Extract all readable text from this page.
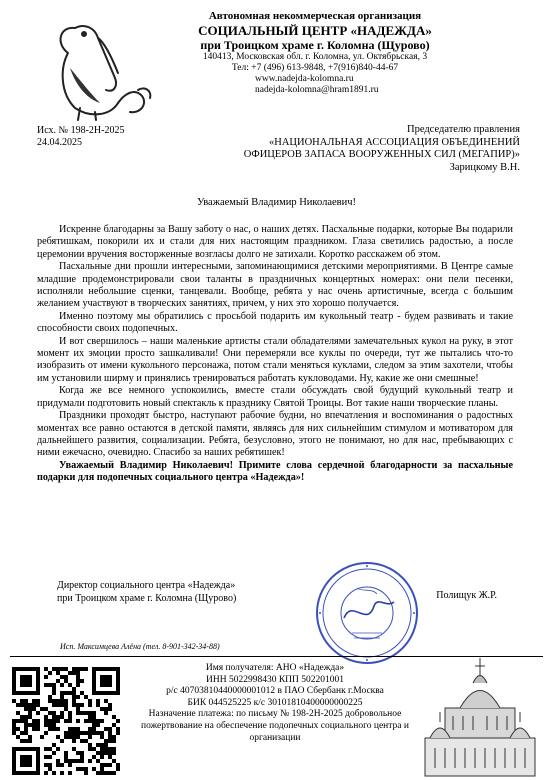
Автономная некоммерческая организация
СОЦИАЛЬНЫЙ ЦЕНТР «НАДЕЖДА»
при Троицком храме г. Коломна (Щурово)
140413, Московская обл. г. Коломна, ул. Октябрьская, 3
Тел: +7 (496) 613-9848, +7(916)840-44-67
www.nadejda-kolomna.ru
nadejda-kolomna@hram1891.ru
Исх. № 198-2Н-2025
24.04.2025
Председателю правления
«НАЦИОНАЛЬНАЯ АССОЦИАЦИЯ ОБЪЕДИНЕНИЙ
ОФИЦЕРОВ ЗАПАСА ВООРУЖЕННЫХ СИЛ (МЕГАПИР)»
Зарицкому В.Н.
Уважаемый Владимир Николаевич!

Искренне благодарны за Вашу заботу о нас, о наших детях. Пасхальные подарки, которые Вы подарили ребятишкам, покорили их и стали для них настоящим праздником. Глаза светились радостью, а после церемонии вручения восторженные возгласы долго не затихали. Коротко расскажем об этом.

Пасхальные дни прошли интересными, запоминающимися детскими мероприятиями. В Центре самые младшие продемонстрировали свои таланты в праздничных концертных номерах: они пели песенки, исполняли небольшие сценки, танцевали. Вообще, ребята у нас очень артистичные, всегда с большим желанием участвуют в творческих занятиях, причем, у них это хорошо получается.

Именно поэтому мы обратились с просьбой подарить им кукольный театр - будем развивать и такие способности своих подопечных.

И вот свершилось – наши маленькие артисты стали обладателями замечательных кукол на руку, в этот момент их эмоции просто зашкаливали! Они перемеряли все куклы по очереди, тут же пытались что-то изобразить от имени кукольного персонажа, потом стали меняться куклами, следом за этим захотели, чтобы им установили ширму и принялись тренироваться работать кукловодами. Ну, какие же они смешные!

Когда же все немного успокоились, вместе стали обсуждать свой будущий кукольный театр и придумали подготовить новый спектакль к празднику Святой Троицы. Вот такие наши творческие планы.

Праздники проходят быстро, наступают рабочие будни, но впечатления и воспоминания о радостных моментах все равно остаются в детской памяти, являясь для них сильнейшим стимулом и мотиватором для дальнейшего развития, социализации. Ребята, безусловно, этого не понимают, но для нас, пребывающих с ними ежечасно, очевидно. Спасибо за наших ребятишек!

Уважаемый Владимир Николаевич! Примите слова сердечной благодарности за пасхальные подарки для подопечных социального центра «Надежда»!

Директор социального центра «Надежда»
при Троицком храме г. Коломна (Щурово)	Полищук Ж.Р.
Исп. Максимцева Алёна (тел. 8-901-342-34-88)
Имя получателя: АНО «Надежда»
ИНН 5022998430 КПП 502201001
р/с 40703810440000001012 в ПАО Сбербанк г.Москва
БИК 044525225 к/с 30101810400000000225
Назначение платежа: по письму № 198-2Н-2025 добровольное пожертвование на обеспечение подопечных социального центра и организации
